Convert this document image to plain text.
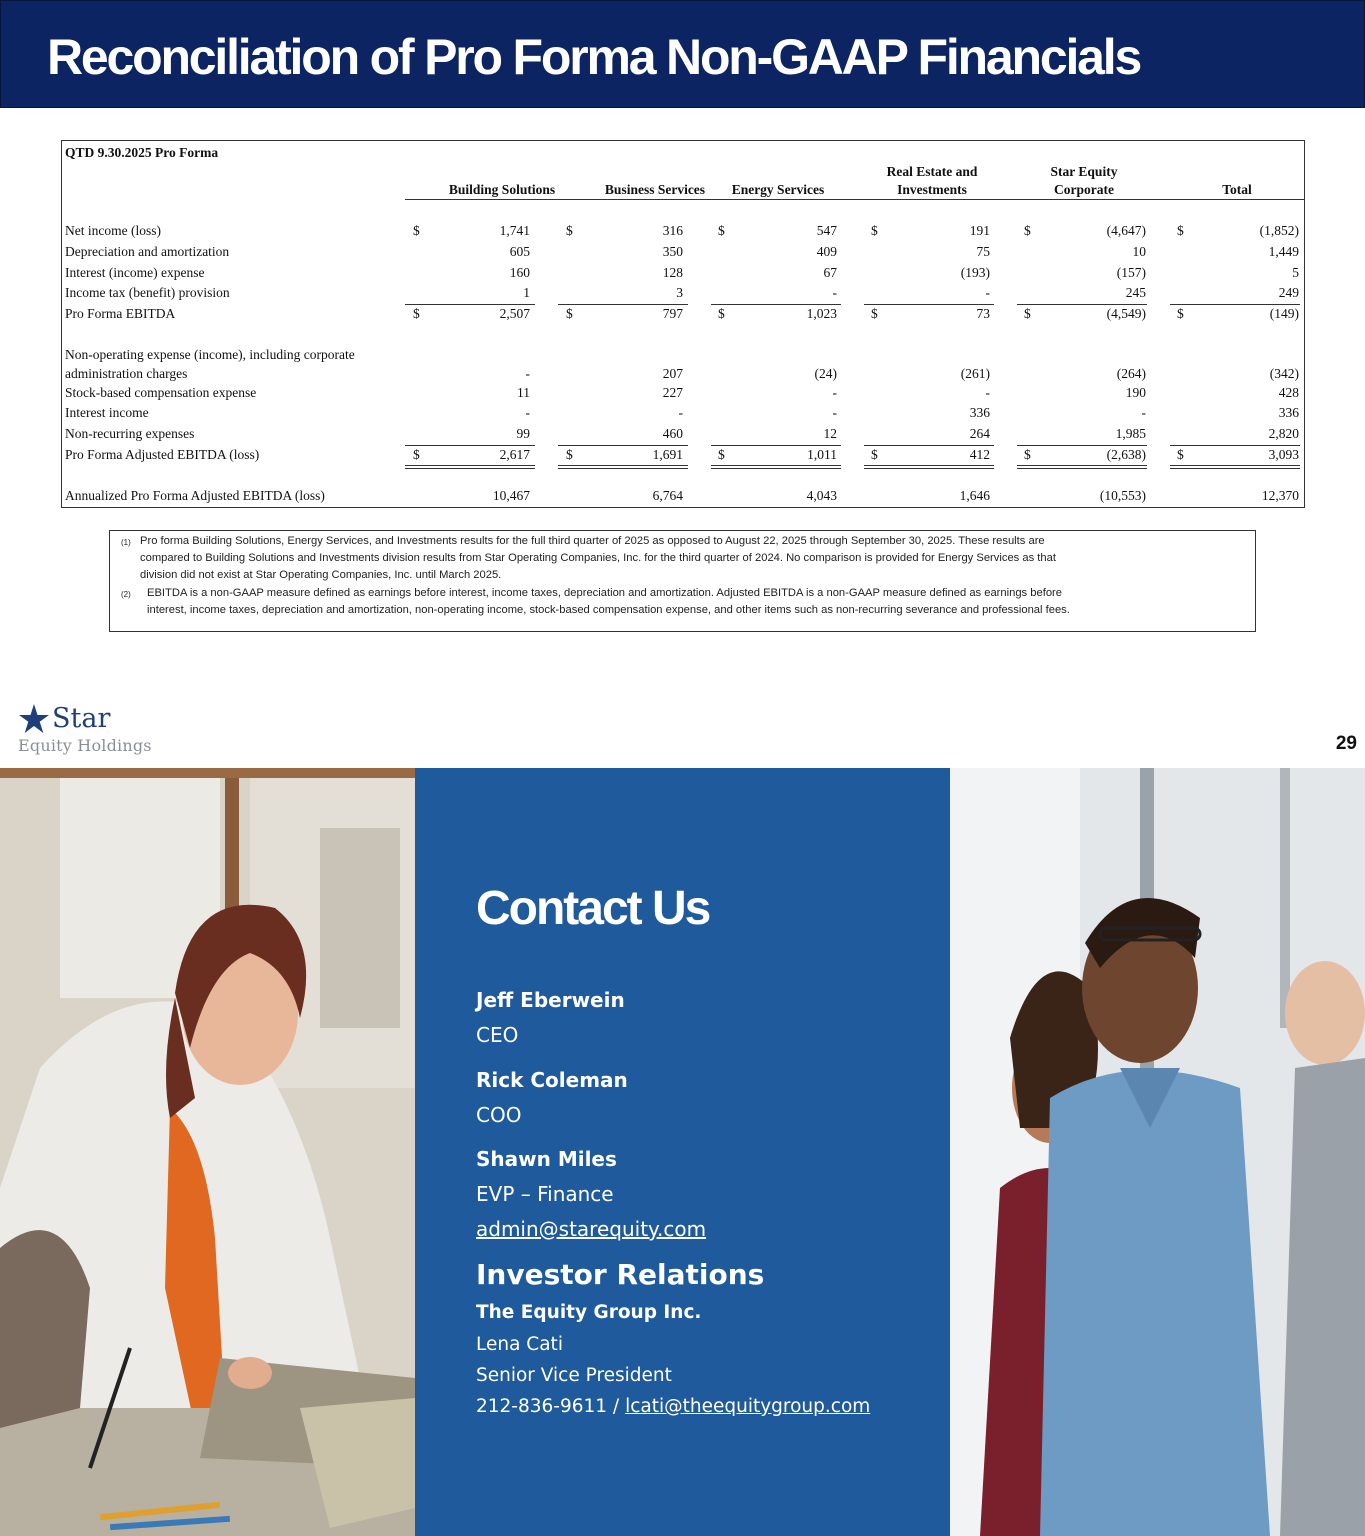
Reconciliation of Pro Forma Non-GAAP Financials
QTD 9.30.2025 Pro Forma
Building Solutions	Business Services	Energy Services
Real Estate and
Investments
Star Equity
Corporate	Total
Net income (loss)	$	1,741	$	316	$	547	$	191	$	(4,647) $	(1,852)
Depreciation and amortization	605	350	409	75	10	1,449
Interest (income) expense	160	128	67	(193)	(157)	5
Income tax (benefit) provision	1	3	-	-	245	249
Pro Forma EBITDA	$	2,507	$	797	$	1,023	$	73	$	(4,549) $	(149)
Non-operating expense (income), including corporate
administration charges	-	207	(24)	(261)	(264)	(342)
Stock-based compensation expense	11	227	-	-	190	428
Interest income	-	-	-	336	-	336
Non-recurring expenses	99	460	12	264	1,985	2,820
Pro Forma Adjusted EBITDA (loss)	$	2,617	$	1,691	$	1,011	$	412	$	(2,638) $	3,093
Annualized Pro Forma Adjusted EBITDA (loss)	10,467	6,764	4,043	1,646	(10,553)	12,370
(1) Pro forma Building Solutions, Energy Services, and Investments results for the full third quarter of 2025 as opposed to August 22, 2025 through September 30, 2025. These results are
compared to Building Solutions and Investments division results from Star Operating Companies, Inc. for the third quarter of 2024. No comparison is provided for Energy Services as that
division did not exist at Star Operating Companies, Inc. until March 2025.
(2) EBITDA is a non-GAAP measure defined as earnings before interest, income taxes, depreciation and amortization. Adjusted EBITDA is a non-GAAP measure defined as earnings before
interest, income taxes, depreciation and amortization, non-operating income, stock-based compensation expense, and other items such as non-recurring severance and professional fees.
Star
Equity Holdings	29
Contact Us
Jeff Eberwein
CEO
Rick Coleman
COO
Shawn Miles
EVP – Finance
admin@starequity.com
Investor Relations
The Equity Group Inc.
Lena Cati
Senior Vice President
212-836-9611 / lcati@theequitygroup.com
